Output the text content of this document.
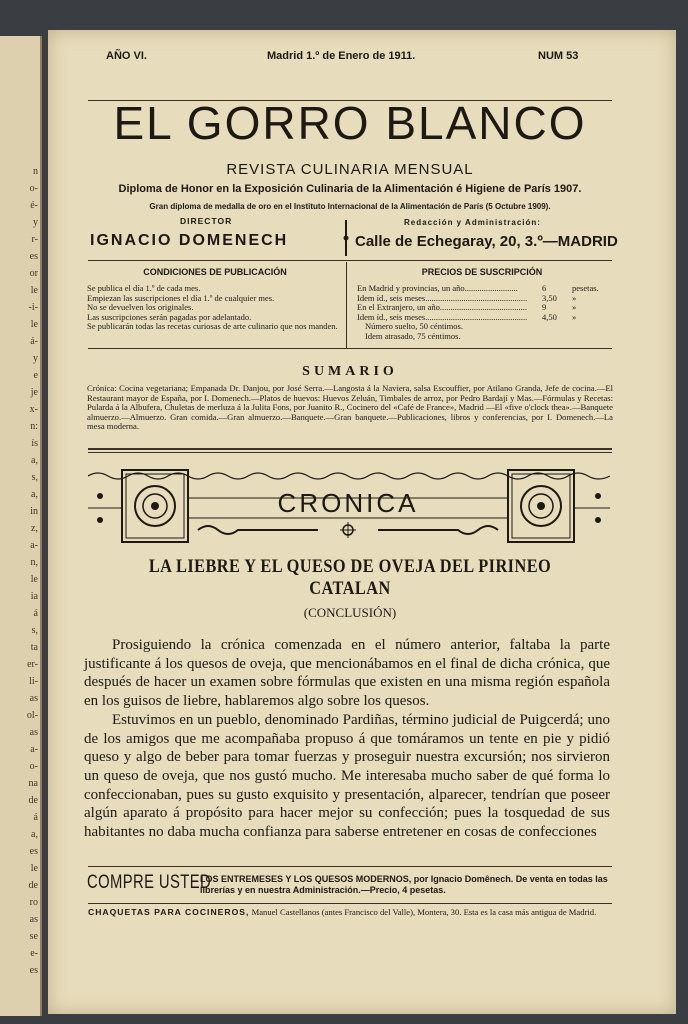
n
o-
é-
y
r-
es
or
le
-i-
le
á-
y
e
je
x-
n:
ís
a,
s,
a,
in
z,
a-
n,
le
ia
á
s,
ta
er-
li-
as
ol-
as
a-
o-
na
de
á
a,
es
le
de
ro
as
se
e-
es
AÑO VI.	Madrid 1.º de Enero de 1911.	NUM 53
EL GORRO BLANCO
REVISTA CULINARIA MENSUAL
Diploma de Honor en la Exposición Culinaria de la Alimentación é Higiene de París 1907.
Gran diploma de medalla de oro en el Instituto Internacional de la Alimentación de París (5 Octubre 1909).
DIRECTOR	Redacción y Administración:
IGNACIO DOMENECH	Calle de Echegaray, 20, 3.º—MADRID
CONDICIONES DE PUBLICACIÓN	PRECIOS DE SUSCRIPCIÓN
Se publica el día 1.º de cada mes.
Empiezan las suscripciones el día 1.º de cualquier mes.
No se devuelven los originales.
Las suscripciones serán pagadas por adelantado.
Se publicarán todas las recetas curiosas de arte culinario que nos manden.
En Madrid y provincias, un año.........................	6	pesetas.
Idem íd., seis meses................................................	3,50	»
En el Extranjero, un año.........................................	9	»
Idem íd., seis meses................................................	4,50	»
Número suelto, 50 céntimos.
Idem atrasado, 75 céntimos.
SUMARIO
Crónica: Cocina vegetariana; Empanada Dr. Danjou, por José Serra.—Langosta á la Naviera, salsa Escouffier, por Atilano Granda, Jefe de cocina.—El Restaurant mayor de España, por I. Domenech.—Platos de huevos: Huevos Zeluán, Timbales de arroz, por Pedro Bardají y Mas.—Fórmulas y Recetas: Pularda á la Albufera, Chuletas de merluza á la Julita Fons, por Juanito R., Cocinero del «Café de France», Madrid —El «five o'clock thea».—Banquete almuerzo.—Almuerzo. Gran comida.—Gran almuerzo.—Banquete.—Gran banquete.—Publicaciones, libros y conferencias, por I. Domenech.—La mesa moderna.
CRONICA
LA LIEBRE Y EL QUESO DE OVEJA DEL PIRINEO CATALAN
(CONCLUSIÓN)

Prosiguiendo la crónica comenzada en el número anterior, faltaba la parte justificante á los quesos de oveja, que mencionábamos en el final de dicha crónica, que después de hacer un examen sobre fórmulas que existen en una misma región española en los guisos de liebre, hablaremos algo sobre los quesos.

Estuvimos en un pueblo, denominado Pardiñas, término judicial de Puigcerdá; uno de los amigos que me acompañaba propuso á que tomáramos un tente en pie y pidió queso y algo de beber para tomar fuerzas y proseguir nuestra excursión; nos sirvieron un queso de oveja, que nos gustó mucho. Me interesaba mucho saber de qué forma lo confeccionaban, pues su gusto exquisito y presentación, alparecer, tendrían que poseer algún aparato á propósito para hacer mejor su confección; pues la tosquedad de sus habitantes no daba mucha confianza para saberse entretener en cosas de confecciones

COMPRE USTED
LOS ENTREMESES Y LOS QUESOS MODERNOS, por Ignacio Domênech. De venta en todas las librerías y en nuestra Administración.—Precio, 4 pesetas.
CHAQUETAS PARA COCINEROS, Manuel Castellanos (antes Francisco del Valle), Montera, 30. Esta es la casa más antigua de Madrid.
